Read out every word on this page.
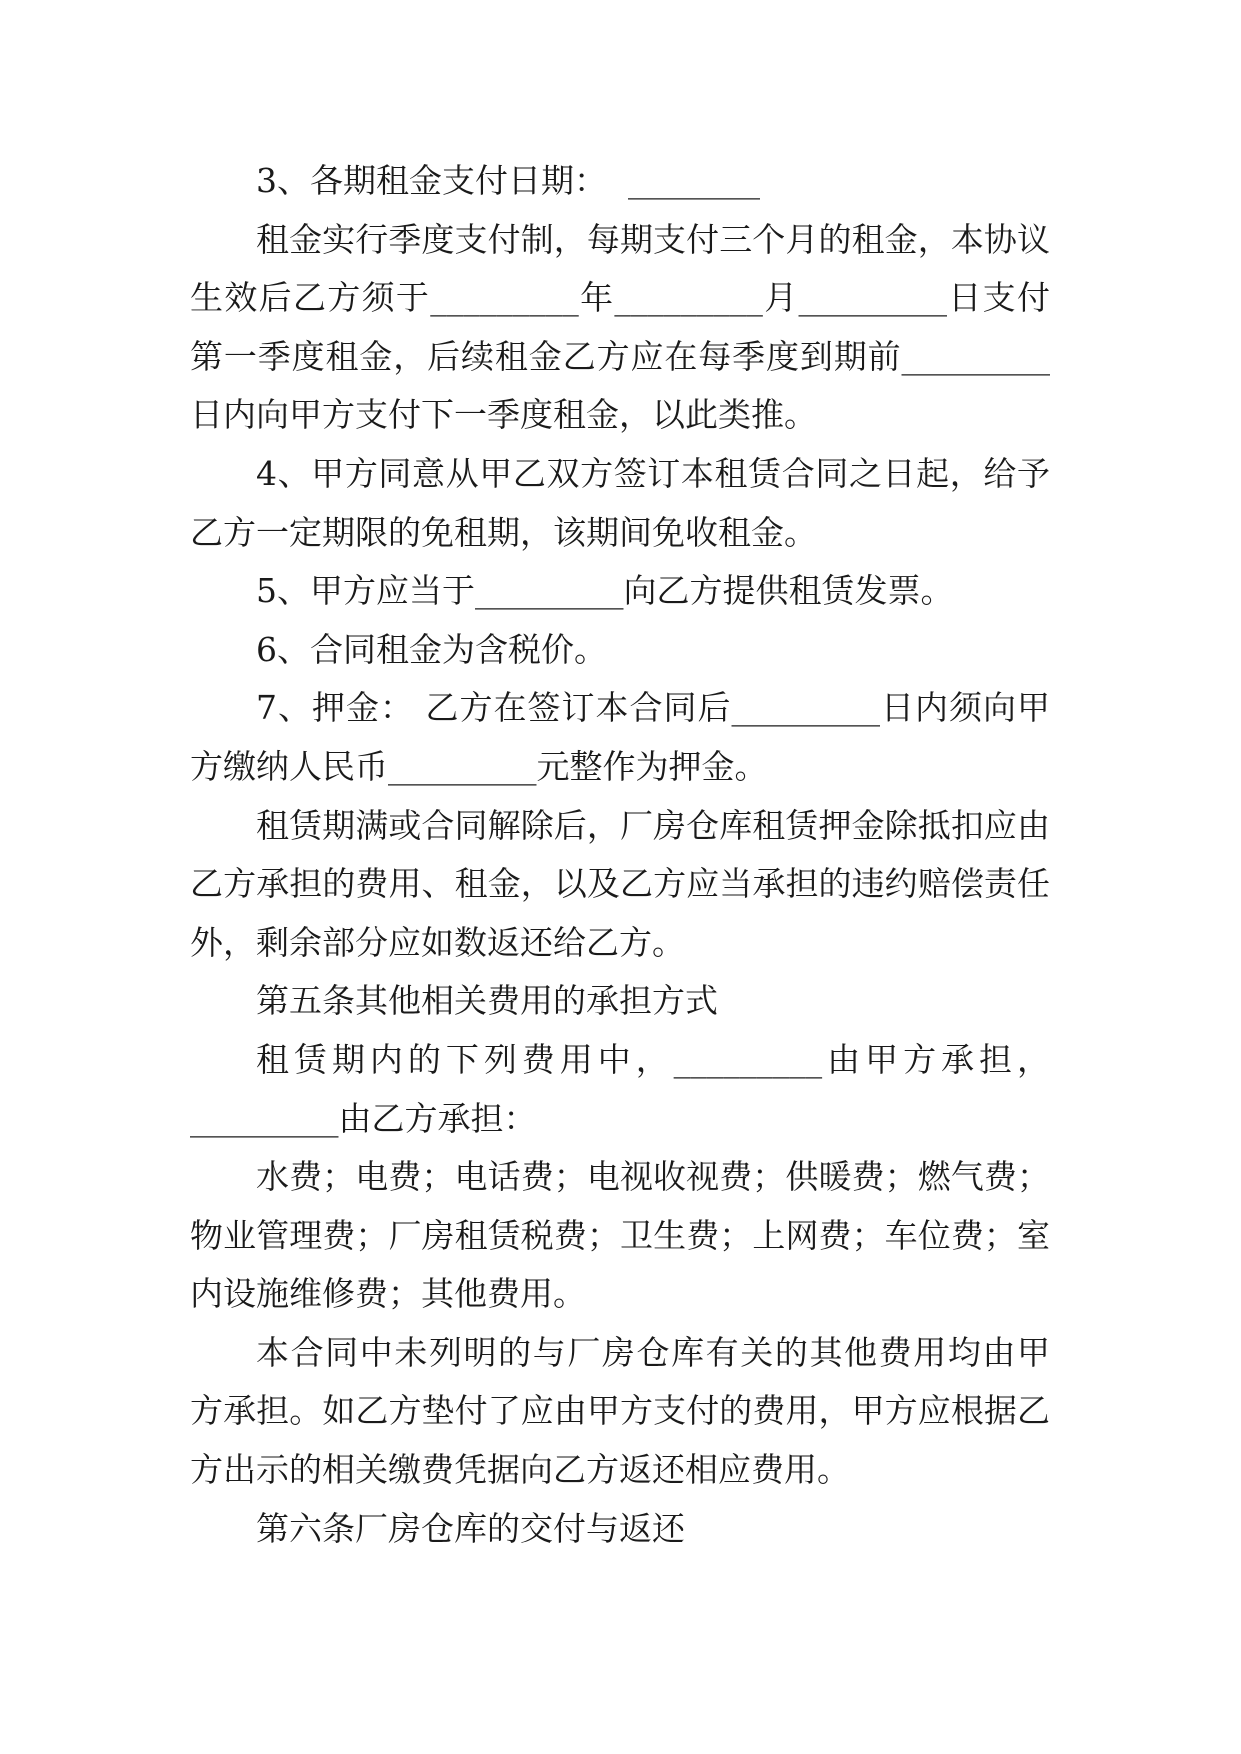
3、各期租金支付日期：  ________
租金实行季度支付制，每期支付三个月的租金，本协议
生效后乙方须于_________年_________月_________日支付
第一季度租金，后续租金乙方应在每季度到期前_________
日内向甲方支付下一季度租金，以此类推。
4、甲方同意从甲乙双方签订本租赁合同之日起，给予
乙方一定期限的免租期，该期间免收租金。
5、甲方应当于_________向乙方提供租赁发票。
6、合同租金为含税价。
7、押金： 乙方在签订本合同后_________日内须向甲
方缴纳人民币_________元整作为押金。
租赁期满或合同解除后，厂房仓库租赁押金除抵扣应由
乙方承担的费用、租金，以及乙方应当承担的违约赔偿责任
外，剩余部分应如数返还给乙方。
第五条其他相关费用的承担方式
租赁期内的下列费用中，_________由甲方承担，
_________由乙方承担：
水费；电费；电话费；电视收视费；供暖费；燃气费；
物业管理费；厂房租赁税费；卫生费；上网费；车位费；室
内设施维修费；其他费用。
本合同中未列明的与厂房仓库有关的其他费用均由甲
方承担。如乙方垫付了应由甲方支付的费用，甲方应根据乙
方出示的相关缴费凭据向乙方返还相应费用。
第六条厂房仓库的交付与返还
